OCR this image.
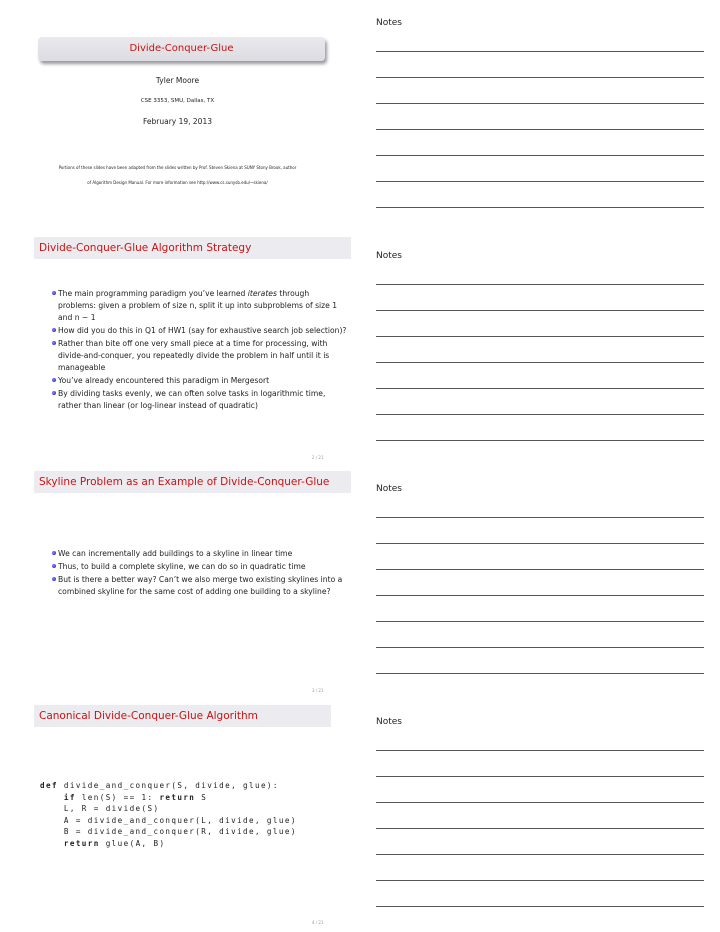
Divide-Conquer-Glue
Tyler Moore
CSE 3353, SMU, Dallas, TX
February 19, 2013
Portions of these slides have been adapted from the slides written by Prof. Steven Skiena at SUNY Stony Brook, author
of Algorithm Design Manual. For more information see http://www.cs.sunysb.edu/~skiena/
Notes
Divide-Conquer-Glue Algorithm Strategy
The main programming paradigm you’ve learned iterates through problems: given a problem of size n, split it up into subproblems of size 1 and n − 1
How did you do this in Q1 of HW1 (say for exhaustive search job selection)?
Rather than bite off one very small piece at a time for processing, with divide-and-conquer, you repeatedly divide the problem in half until it is manageable
You’ve already encountered this paradigm in Mergesort
By dividing tasks evenly, we can often solve tasks in logarithmic time, rather than linear (or log-linear instead of quadratic)
2 / 21
Notes
Skyline Problem as an Example of Divide-Conquer-Glue
We can incrementally add buildings to a skyline in linear time
Thus, to build a complete skyline, we can do so in quadratic time
But is there a better way? Can’t we also merge two existing skylines into a combined skyline for the same cost of adding one building to a skyline?
3 / 21
Notes
Canonical Divide-Conquer-Glue Algorithm
def divide_and_conquer(S, divide, glue):
if len(S) == 1: return S
L, R = divide(S)
A = divide_and_conquer(L, divide, glue)
B = divide_and_conquer(R, divide, glue)
return glue(A, B)
4 / 21
Notes
